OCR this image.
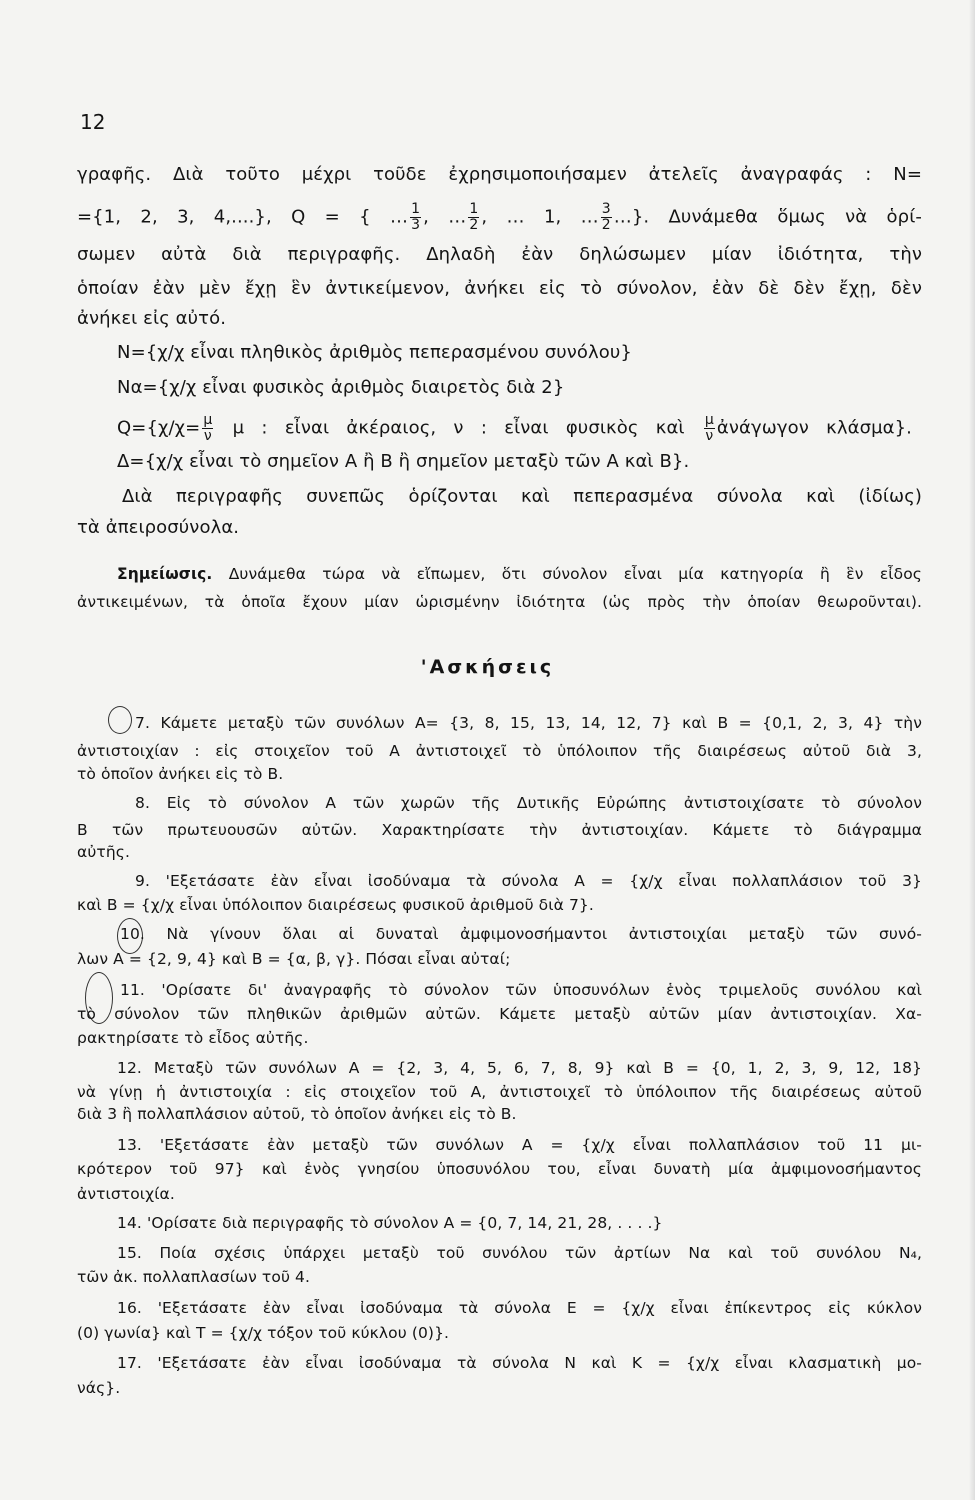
12
γραφῆς. Διὰ τοῦτο μέχρι τοῦδε ἐχρησιμοποιήσαμεν ἀτελεῖς ἀναγραφάς : N=
={1, 2, 3, 4,....}, Q = { … $\frac{1}{3}$ , … $\frac{1}{2}$ , … 1, … $\frac{3}{2}$ …}. Δυνάμεθα ὅμως νὰ ὁρί-
σωμεν αὐτὰ διὰ περιγραφῆς. Δηλαδὴ ἐὰν δηλώσωμεν μίαν ἰδιότητα, τὴν
ὁποίαν ἐὰν μὲν ἔχῃ ἓν ἀντικείμενον, ἀνήκει εἰς τὸ σύνολον, ἐὰν δὲ δὲν ἔχῃ, δὲν
ἀνήκει εἰς αὐτό.
N={χ/χ εἶναι πληθικὸς ἀριθμὸς πεπερασμένου συνόλου}
Nα={χ/χ εἶναι φυσικὸς ἀριθμὸς διαιρετὸς διὰ 2}
$Q=\{\chi/\chi= \frac{\mu}{\nu}$ μ : εἶναι ἀκέραιος, ν : εἶναι φυσικὸς καὶ $\frac{\mu}{\nu}$ ἀνάγωγον κλάσμα}.
Δ={χ/χ εἶναι τὸ σημεῖον A ἢ B ἢ σημεῖον μεταξὺ τῶν A καὶ B}.
Διὰ περιγραφῆς συνεπῶς ὁρίζονται καὶ πεπερασμένα σύνολα καὶ (ἰδίως)
τὰ ἀπειροσύνολα.
Σημείωσις. Δυνάμεθα τώρα νὰ εἴπωμεν, ὅτι σύνολον εἶναι μία κατηγορία ἢ ἓν εἶδος
ἀντικειμένων, τὰ ὁποῖα ἔχουν μίαν ὡρισμένην ἰδιότητα (ὡς πρὸς τὴν ὁποίαν θεωροῦνται).
'Ασκήσεις
7. Κάμετε μεταξὺ τῶν συνόλων A= {3, 8, 15, 13, 14, 12, 7} καὶ B = {0,1, 2, 3, 4} τὴν
ἀντιστοιχίαν : εἰς στοιχεῖον τοῦ A ἀντιστοιχεῖ τὸ ὑπόλοιπον τῆς διαιρέσεως αὐτοῦ διὰ 3,
τὸ ὁποῖον ἀνήκει εἰς τὸ B.
8. Εἰς τὸ σύνολον A τῶν χωρῶν τῆς Δυτικῆς Εὐρώπης ἀντιστοιχίσατε τὸ σύνολον
B τῶν πρωτευουσῶν αὐτῶν. Χαρακτηρίσατε τὴν ἀντιστοιχίαν. Κάμετε τὸ διάγραμμα
αὐτῆς.
9. 'Εξετάσατε ἐὰν εἶναι ἰσοδύναμα τὰ σύνολα A = {χ/χ εἶναι πολλαπλάσιον τοῦ 3}
καὶ B = {χ/χ εἶναι ὑπόλοιπον διαιρέσεως φυσικοῦ ἀριθμοῦ διὰ 7}.
10. Νὰ γίνουν ὅλαι αἱ δυναταὶ ἀμφιμονοσήμαντοι ἀντιστοιχίαι μεταξὺ τῶν συνό-
λων A = {2, 9, 4} καὶ B = {α, β, γ}. Πόσαι εἶναι αὐταί;
11. 'Ορίσατε δι' ἀναγραφῆς τὸ σύνολον τῶν ὑποσυνόλων ἑνὸς τριμελοῦς συνόλου καὶ
τὸ σύνολον τῶν πληθικῶν ἀριθμῶν αὐτῶν. Κάμετε μεταξὺ αὐτῶν μίαν ἀντιστοιχίαν. Χα-
ρακτηρίσατε τὸ εἶδος αὐτῆς.
12. Μεταξὺ τῶν συνόλων A = {2, 3, 4, 5, 6, 7, 8, 9} καὶ B = {0, 1, 2, 3, 9, 12, 18}
νὰ γίνῃ ἡ ἀντιστοιχία : εἰς στοιχεῖον τοῦ A, ἀντιστοιχεῖ τὸ ὑπόλοιπον τῆς διαιρέσεως αὐτοῦ
διὰ 3 ἢ πολλαπλάσιον αὐτοῦ, τὸ ὁποῖον ἀνήκει εἰς τὸ B.
13. 'Εξετάσατε ἐὰν μεταξὺ τῶν συνόλων A = {χ/χ εἶναι πολλαπλάσιον τοῦ 11 μι-
κρότερον τοῦ 97} καὶ ἑνὸς γνησίου ὑποσυνόλου του, εἶναι δυνατὴ μία ἀμφιμονοσήμαντος
ἀντιστοιχία.
14. 'Ορίσατε διὰ περιγραφῆς τὸ σύνολον A = {0, 7, 14, 21, 28, . . . .}
15. Ποία σχέσις ὑπάρχει μεταξὺ τοῦ συνόλου τῶν ἀρτίων Nα καὶ τοῦ συνόλου N₄,
τῶν ἀκ. πολλαπλασίων τοῦ 4.
16. 'Εξετάσατε ἐὰν εἶναι ἰσοδύναμα τὰ σύνολα E = {χ/χ εἶναι ἐπίκεντρος εἰς κύκλον
(0) γωνία} καὶ T = {χ/χ τόξον τοῦ κύκλου (0)}.
17. 'Εξετάσατε ἐὰν εἶναι ἰσοδύναμα τὰ σύνολα N καὶ K = {χ/χ εἶναι κλασματικὴ μο-
νάς}.
